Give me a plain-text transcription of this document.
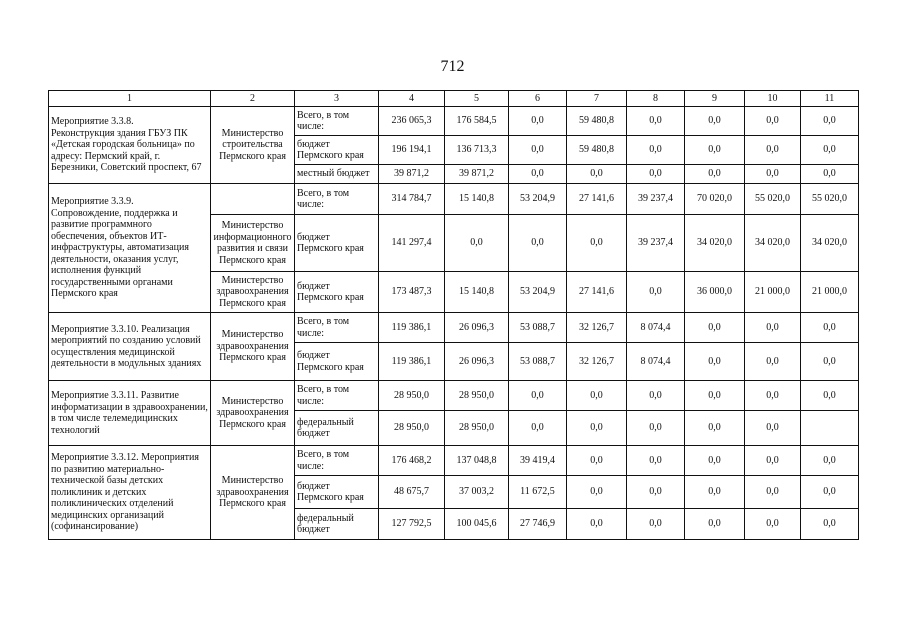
712
1	2	3	4	5	6	7	8	9	10	11
Мероприятие 3.3.8.
Реконструкция здания ГБУЗ ПК «Детская городская больница» по адресу: Пермский край, г. Березники, Советский проспект, 67	Министерство строительства Пермского края	Всего, в том числе:	236 065,3	176 584,5	0,0	59 480,8	0,0	0,0	0,0	0,0
		бюджет Пермского края	196 194,1	136 713,3	0,0	59 480,8	0,0	0,0	0,0	0,0
		местный бюджет	39 871,2	39 871,2	0,0	0,0	0,0	0,0	0,0	0,0
Мероприятие 3.3.9.
Сопровождение, поддержка и развитие программного обеспечения, объектов ИТ-инфраструктуры, автоматизация деятельности, оказания услуг, исполнения функций государственными органами Пермского края		Всего, в том числе:	314 784,7	15 140,8	53 204,9	27 141,6	39 237,4	70 020,0	55 020,0	55 020,0
	Министерство информационного развития и связи Пермского края	бюджет Пермского края	141 297,4	0,0	0,0	0,0	39 237,4	34 020,0	34 020,0	34 020,0
	Министерство здравоохранения Пермского края	бюджет Пермского края	173 487,3	15 140,8	53 204,9	27 141,6	0,0	36 000,0	21 000,0	21 000,0
Мероприятие 3.3.10. Реализация мероприятий по созданию условий осуществления медицинской деятельности в модульных зданиях	Министерство здравоохранения Пермского края	Всего, в том числе:	119 386,1	26 096,3	53 088,7	32 126,7	8 074,4	0,0	0,0	0,0
		бюджет Пермского края	119 386,1	26 096,3	53 088,7	32 126,7	8 074,4	0,0	0,0	0,0
Мероприятие 3.3.11. Развитие информатизации в здравоохранении, в том числе телемедицинских технологий	Министерство здравоохранения Пермского края	Всего, в том числе:	28 950,0	28 950,0	0,0	0,0	0,0	0,0	0,0	0,0
		федеральный бюджет	28 950,0	28 950,0	0,0	0,0	0,0	0,0	0,0	
Мероприятие 3.3.12. Мероприятия по развитию материально-технической базы детских поликлиник и детских поликлинических отделений медицинских организаций (софинансирование)	Министерство здравоохранения Пермского края	Всего, в том числе:	176 468,2	137 048,8	39 419,4	0,0	0,0	0,0	0,0	0,0
		бюджет Пермского края	48 675,7	37 003,2	11 672,5	0,0	0,0	0,0	0,0	0,0
		федеральный бюджет	127 792,5	100 045,6	27 746,9	0,0	0,0	0,0	0,0	0,0
